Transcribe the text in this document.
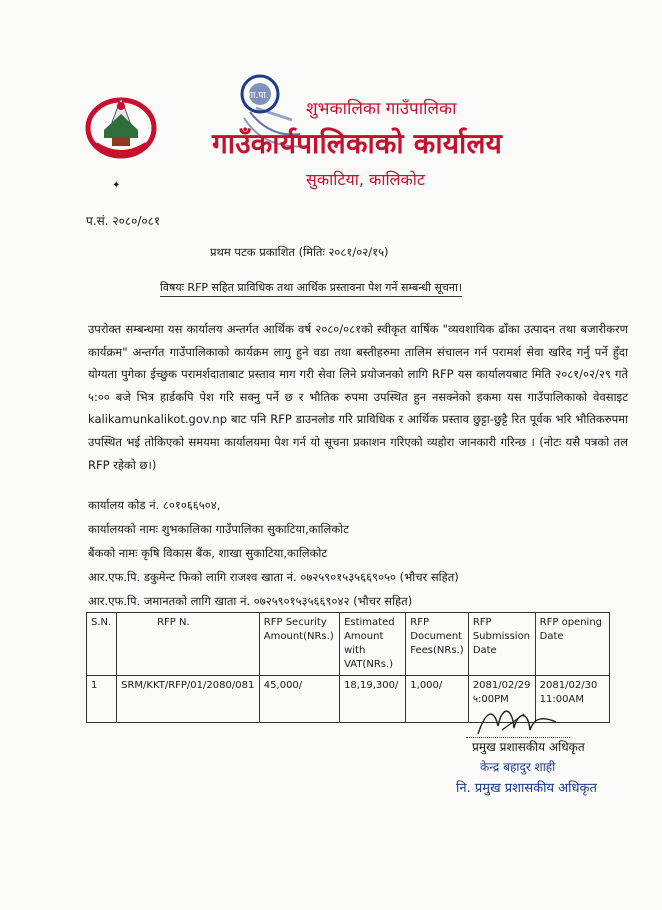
गा.पा.
शुभकालिका गाउँपालिका
गाउँकार्यपालिकाको कार्यालय
सुकाटिया, कालिकोट
✦
प.सं. २०८०/०८१
प्रथम पटक प्रकाशित (मितिः २०८१/०२/१५)
विषयः RFP सहित प्राविधिक तथा आर्थिक प्रस्तावना पेश गर्ने सम्बन्धी सूचना।
उपरोक्त सम्बन्धमा यस कार्यालय अन्तर्गत आर्थिक वर्ष २०८०/०८१को स्वीकृत वार्षिक "व्यवशायिक ढाँका उत्पादन तथा बजारीकरण कार्यक्रम" अन्तर्गत गाउँपालिकाको कार्यक्रम लागु हुने वडा तथा बस्तीहरुमा तालिम संचालन गर्न परामर्श सेवा खरिद गर्नु पर्ने हुँदा योग्यता पुगेका ईच्छुक परामर्शदाताबाट प्रस्ताव माग गरी सेवा लिने प्रयोजनको लागि RFP यस कार्यालयबाट मिति २०८१/०२/२९ गते ५:०० बजे भित्र हार्डकपि पेश गरि सक्नु पर्ने छ र भौतिक रुपमा उपस्थित हुन नसक्नेको हकमा यस गाउँपालिकाको वेवसाइट kalikamunkalikot.gov.np बाट पनि RFP डाउनलोड गरि प्राविधिक र आर्थिक प्रस्ताव छुट्टा-छुट्टै रित पूर्वक भरि भौतिकरुपमा उपस्थित भई तोकिएको समयमा कार्यालयमा पेश गर्न यो सूचना प्रकाशन गरिएको व्यहोरा जानकारी गरिन्छ । (नोटः यसै पत्रको तल RFP रहेको छ।)
कार्यालय कोड नं. ८०१०६६५०४,
कार्यालयको नामः शुभकालिका गाउँपालिका सुकाटिया,कालिकोट
बैंकको नामः कृषि विकास बैंक, शाखा सुकाटिया,कालिकोट
आर.एफ.पि. डकुमेन्ट फिको लागि राजश्व खाता नं. ०७२५९०१५३५६६९०५० (भौचर सहित)
आर.एफ.पि. जमानतको लागि खाता नं. ०७२५९०१५३५६६९०४२ (भौचर सहित)
S.N.	RFP N.	RFP Security Amount(NRs.)	Estimated Amount with VAT(NRs.)	RFP Document Fees(NRs.)	RFP Submission Date	RFP opening Date
1	SRM/KKT/RFP/01/2080/081	45,000/	18,19,300/	1,000/	2081/02/29 ५:00PM	2081/02/30 11:00AM
प्रमुख प्रशासकीय अधिकृत
केन्द्र बहादुर शाही
नि. प्रमुख प्रशासकीय अधिकृत
